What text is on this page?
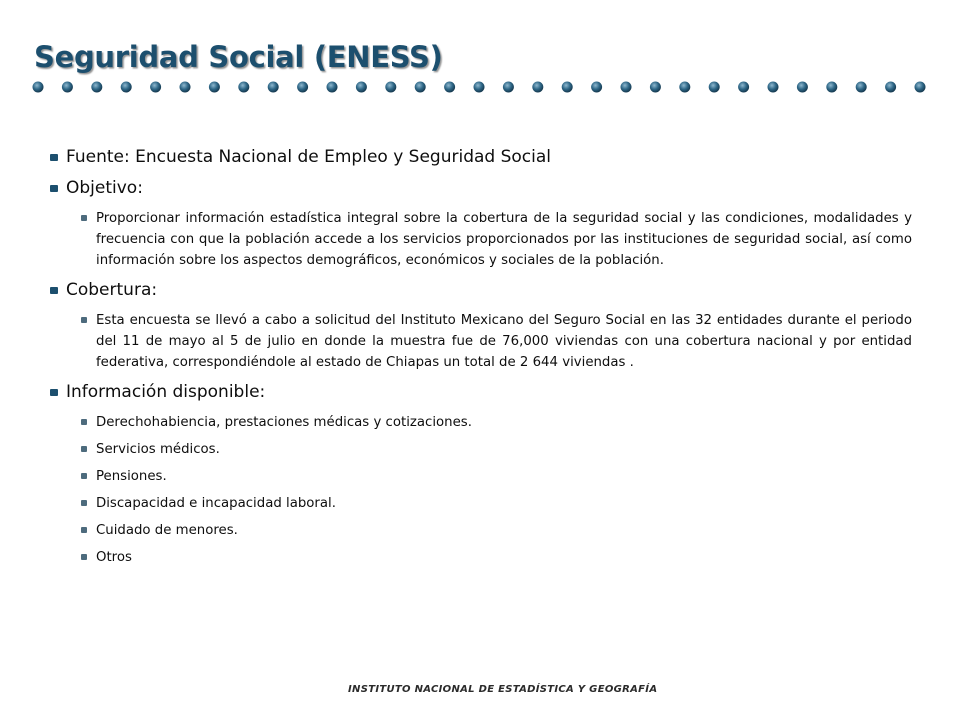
Seguridad Social (ENESS)
Fuente: Encuesta Nacional de Empleo y Seguridad Social
Objetivo:
Proporcionar información estadística integral sobre la cobertura de la seguridad social y las condiciones, modalidades y frecuencia con que la población accede a los servicios proporcionados por las instituciones de seguridad social, así como información sobre los aspectos demográficos, económicos y sociales de la población.
Cobertura:
Esta encuesta se llevó a cabo a solicitud del Instituto Mexicano del Seguro Social en las 32 entidades durante el periodo del 11 de mayo al 5 de julio en donde la muestra fue de 76,000 viviendas con una cobertura nacional y por entidad federativa, correspondiéndole al estado de Chiapas un total de 2 644 viviendas .
Información disponible:
Derechohabiencia, prestaciones médicas y cotizaciones.
Servicios médicos.
Pensiones.
Discapacidad e incapacidad laboral.
Cuidado de menores.
Otros
INSTITUTO NACIONAL DE ESTADÍSTICA Y GEOGRAFÍA
